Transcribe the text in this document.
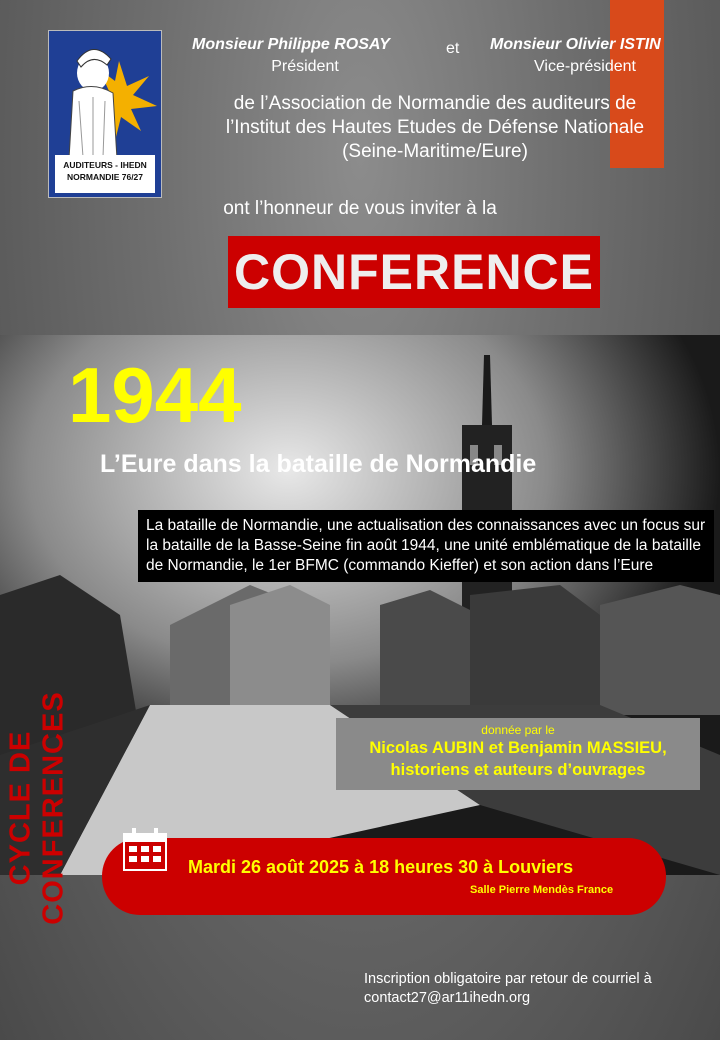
AUDITEURS - IHEDN
NORMANDIE 76/27
Monsieur Philippe ROSAY
Président
et Monsieur Olivier ISTIN
Vice-président
de l’Association de Normandie des auditeurs de
l’Institut des Hautes Etudes de Défense Nationale
(Seine-Maritime/Eure)
ont l’honneur de vous inviter à la
CONFERENCE
1944
L’Eure dans la bataille de Normandie
La bataille de Normandie, une actualisation des connaissances avec un focus sur la bataille de la Basse-Seine fin août 1944, une unité emblématique de la bataille de Normandie, le 1er BFMC (commando Kieffer) et son action dans l’Eure
donnée par le
Nicolas AUBIN et Benjamin MASSIEU,
historiens et auteurs d’ouvrages
Mardi 26 août 2025 à 18 heures 30 à Louviers
Salle Pierre Mendès France
CYCLE DE CONFERENCES
Inscription obligatoire par retour de courriel à
contact27@ar11ihedn.org
